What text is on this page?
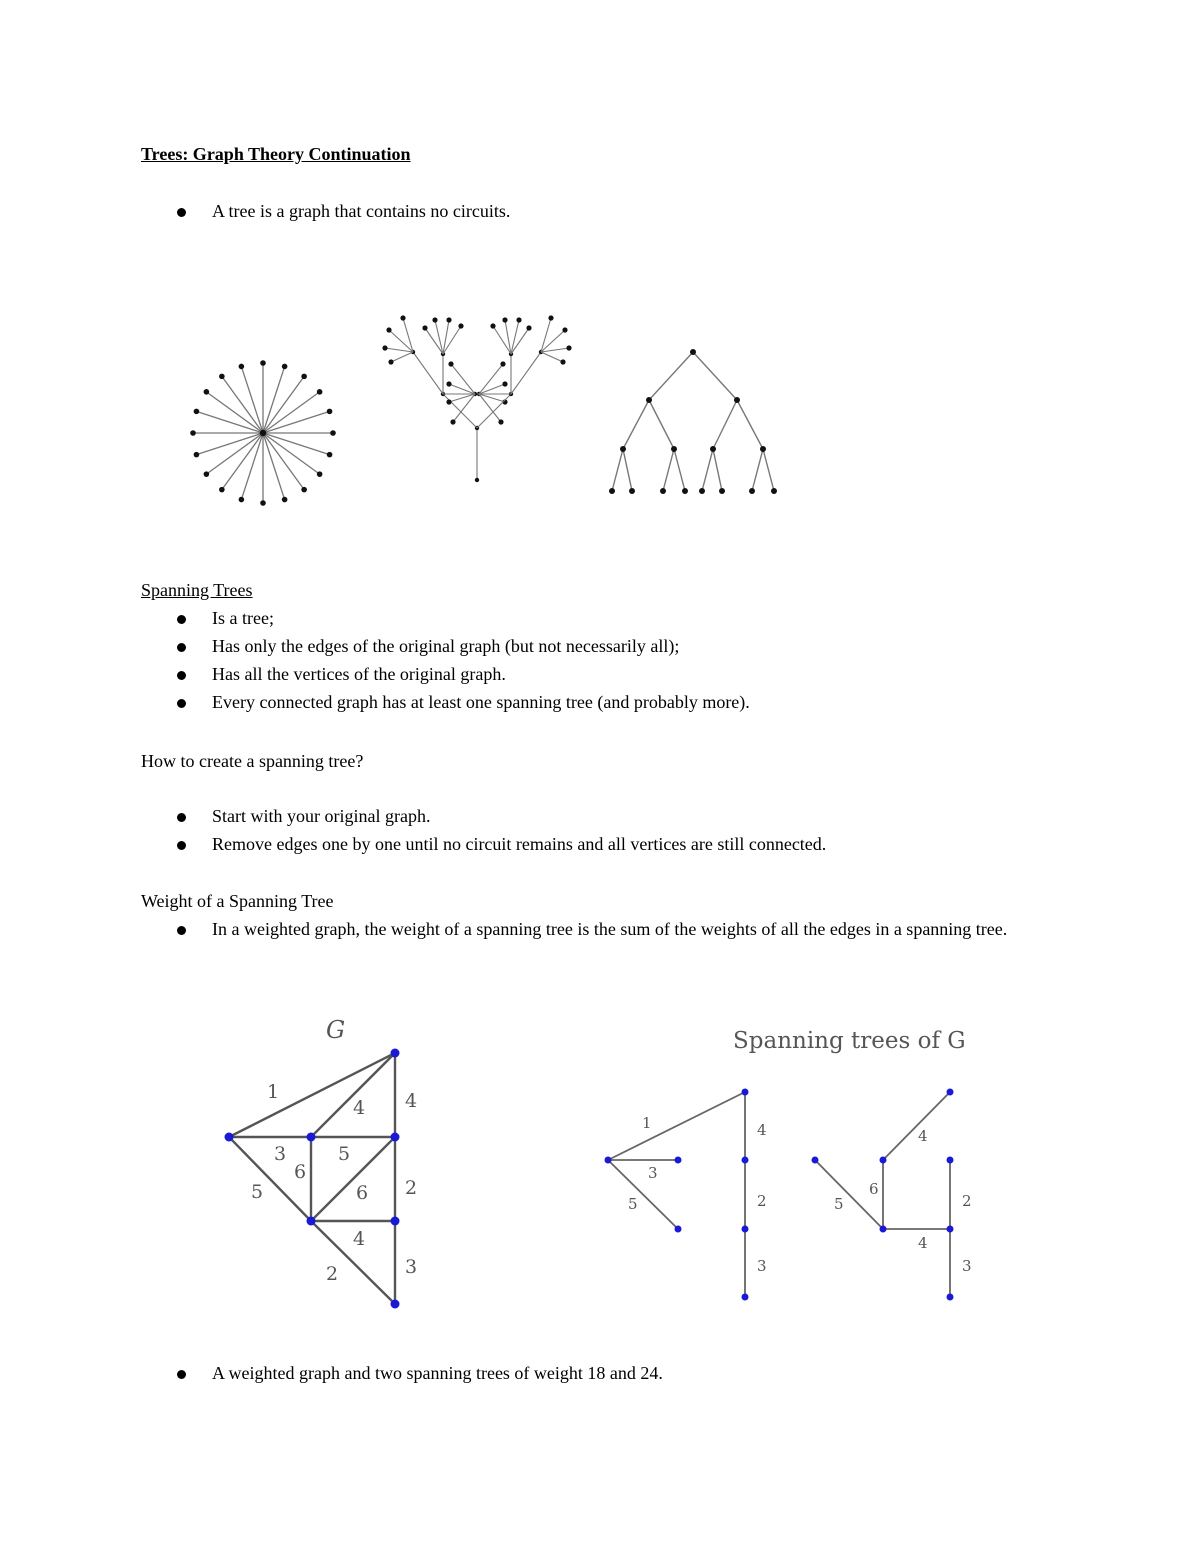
Trees: Graph Theory Continuation
A tree is a graph that contains no circuits.
Spanning Trees
Is a tree;
Has only the edges of the original graph (but not necessarily all);
Has all the vertices of the original graph.
Every connected graph has at least one spanning tree (and probably more).
How to create a spanning tree?
Start with your original graph.
Remove edges one by one until no circuit remains and all vertices are still connected.
Weight of a Spanning Tree
In a weighted graph, the weight of a spanning tree is the sum of the weights of all the edges in a spanning tree.
G
1
4 4
3	5
6
5	6 2
4
2	3
Spanning trees of G
1	4
3
5	2
3
4
6
5	2
4
3
A weighted graph and two spanning trees of weight 18 and 24.
